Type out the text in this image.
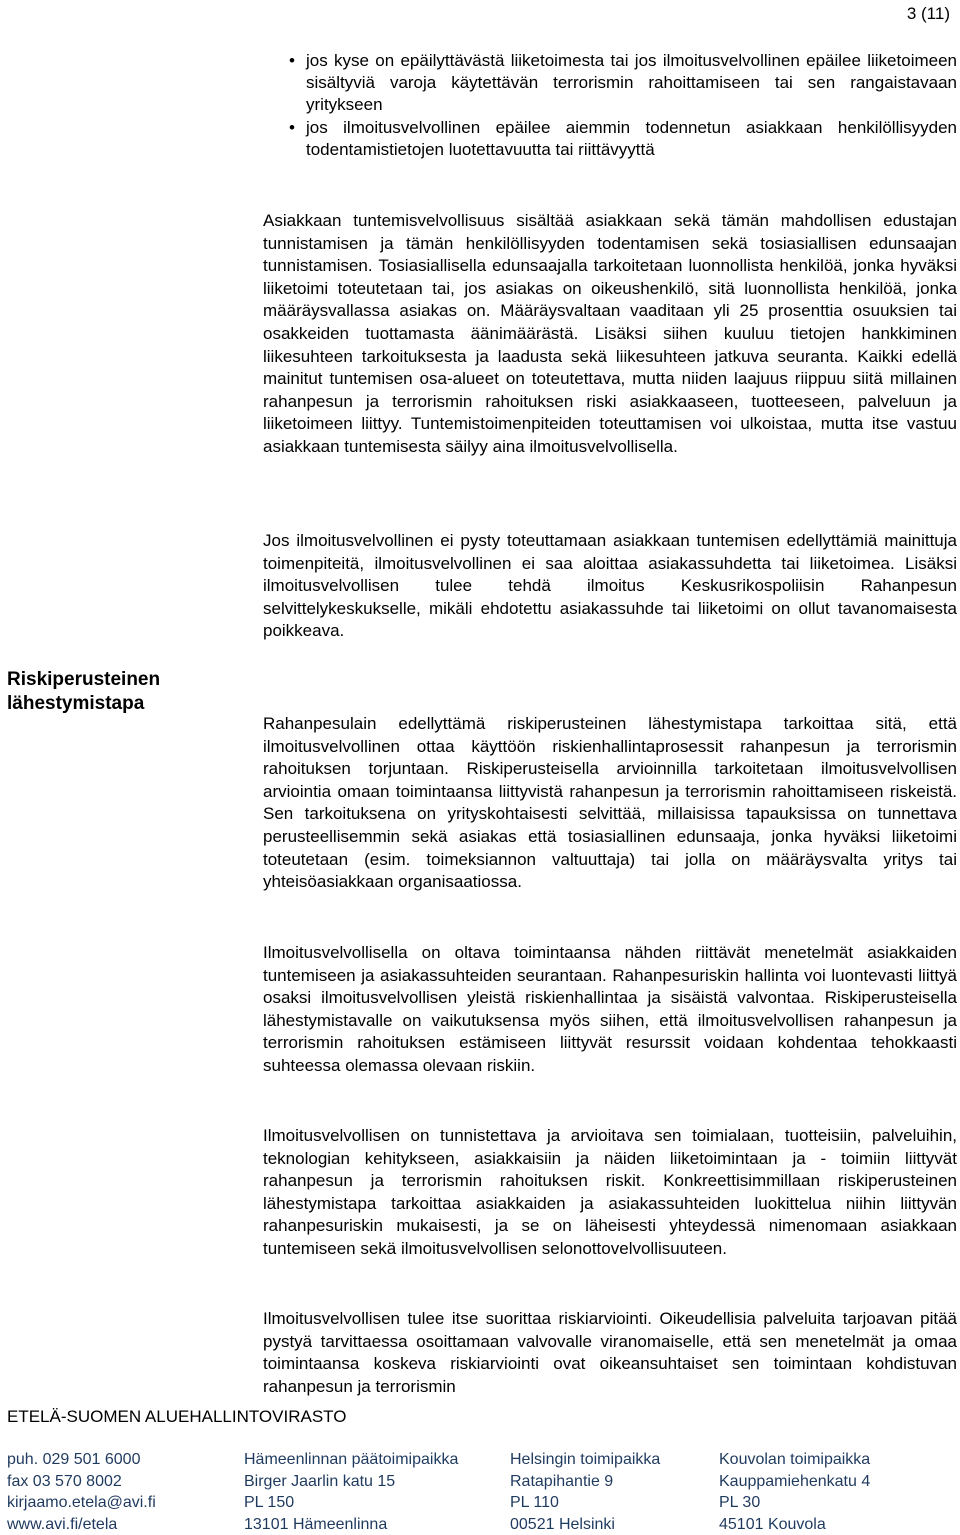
3 (11)
• jos kyse on epäilyttävästä liiketoimesta tai jos ilmoitusvelvollinen epäilee liiketoimeen sisältyviä varoja käytettävän terrorismin rahoittamiseen tai sen rangaistavaan yritykseen
• jos ilmoitusvelvollinen epäilee aiemmin todennetun asiakkaan henkilöllisyyden todentamistietojen luotettavuutta tai riittävyyttä

Asiakkaan tuntemisvelvollisuus sisältää asiakkaan sekä tämän mahdollisen edustajan tunnistamisen ja tämän henkilöllisyyden todentamisen sekä tosiasiallisen edunsaajan tunnistamisen. Tosiasiallisella edunsaajalla tarkoitetaan luonnollista henkilöä, jonka hyväksi liiketoimi toteutetaan tai, jos asiakas on oikeushenkilö, sitä luonnollista henkilöä, jonka määräysvallassa asiakas on. Määräysvaltaan vaaditaan yli 25 prosenttia osuuksien tai osakkeiden tuottamasta äänimäärästä. Lisäksi siihen kuuluu tietojen hankkiminen liikesuhteen tarkoituksesta ja laadusta sekä liikesuhteen jatkuva seuranta. Kaikki edellä mainitut tuntemisen osa-alueet on toteutettava, mutta niiden laajuus riippuu siitä millainen rahanpesun ja terrorismin rahoituksen riski asiakkaaseen, tuotteeseen, palveluun ja liiketoimeen liittyy. Tuntemistoimenpiteiden toteuttamisen voi ulkoistaa, mutta itse vastuu asiakkaan tuntemisesta säilyy aina ilmoitusvelvollisella.

Jos ilmoitusvelvollinen ei pysty toteuttamaan asiakkaan tuntemisen edellyttämiä mainittuja toimenpiteitä, ilmoitusvelvollinen ei saa aloittaa asiakassuhdetta tai liiketoimea. Lisäksi ilmoitusvelvollisen tulee tehdä ilmoitus Keskusrikospoliisin Rahanpesun selvittelykeskukselle, mikäli ehdotettu asiakassuhde tai liiketoimi on ollut tavanomaisesta poikkeava.

Riskiperusteinen lähestymistapa

Rahanpesulain edellyttämä riskiperusteinen lähestymistapa tarkoittaa sitä, että ilmoitusvelvollinen ottaa käyttöön riskienhallintaprosessit rahanpesun ja terrorismin rahoituksen torjuntaan. Riskiperusteisella arvioinnilla tarkoitetaan ilmoitusvelvollisen arviointia omaan toimintaansa liittyvistä rahanpesun ja terrorismin rahoittamiseen riskeistä. Sen tarkoituksena on yrityskohtaisesti selvittää, millaisissa tapauksissa on tunnettava perusteellisemmin sekä asiakas että tosiasiallinen edunsaaja, jonka hyväksi liiketoimi toteutetaan (esim. toimeksiannon valtuuttaja) tai jolla on määräysvalta yritys tai yhteisöasiakkaan organisaatiossa.

Ilmoitusvelvollisella on oltava toimintaansa nähden riittävät menetelmät asiakkaiden tuntemiseen ja asiakassuhteiden seurantaan. Rahanpesuriskin hallinta voi luontevasti liittyä osaksi ilmoitusvelvollisen yleistä riskienhallintaa ja sisäistä valvontaa. Riskiperusteisella lähestymistavalle on vaikutuksensa myös siihen, että ilmoitusvelvollisen rahanpesun ja terrorismin rahoituksen estämiseen liittyvät resurssit voidaan kohdentaa tehokkaasti suhteessa olemassa olevaan riskiin.

Ilmoitusvelvollisen on tunnistettava ja arvioitava sen toimialaan, tuotteisiin, palveluihin, teknologian kehitykseen, asiakkaisiin ja näiden liiketoimintaan ja - toimiin liittyvät rahanpesun ja terrorismin rahoituksen riskit. Konkreettisimmillaan riskiperusteinen lähestymistapa tarkoittaa asiakkaiden ja asiakassuhteiden luokittelua niihin liittyvän rahanpesuriskin mukaisesti, ja se on läheisesti yhteydessä nimenomaan asiakkaan tuntemiseen sekä ilmoitusvelvollisen selonottovelvollisuuteen.

Ilmoitusvelvollisen tulee itse suorittaa riskiarviointi. Oikeudellisia palveluita tarjoavan pitää pystyä tarvittaessa osoittamaan valvovalle viranomaiselle, että sen menetelmät ja omaa toimintaansa koskeva riskiarviointi ovat oikeansuhtaiset sen toimintaan kohdistuvan rahanpesun ja terrorismin

ETELÄ-SUOMEN ALUEHALLINTOVIRASTO
puh. 029 501 6000
fax 03 570 8002
kirjaamo.etela@avi.fi
www.avi.fi/etela
Hämeenlinnan päätoimipaikka
Birger Jaarlin katu 15
PL 150
13101 Hämeenlinna
Helsingin toimipaikka
Ratapihantie 9
PL 110
00521 Helsinki
Kouvolan toimipaikka
Kauppamiehenkatu 4
PL 30
45101 Kouvola
